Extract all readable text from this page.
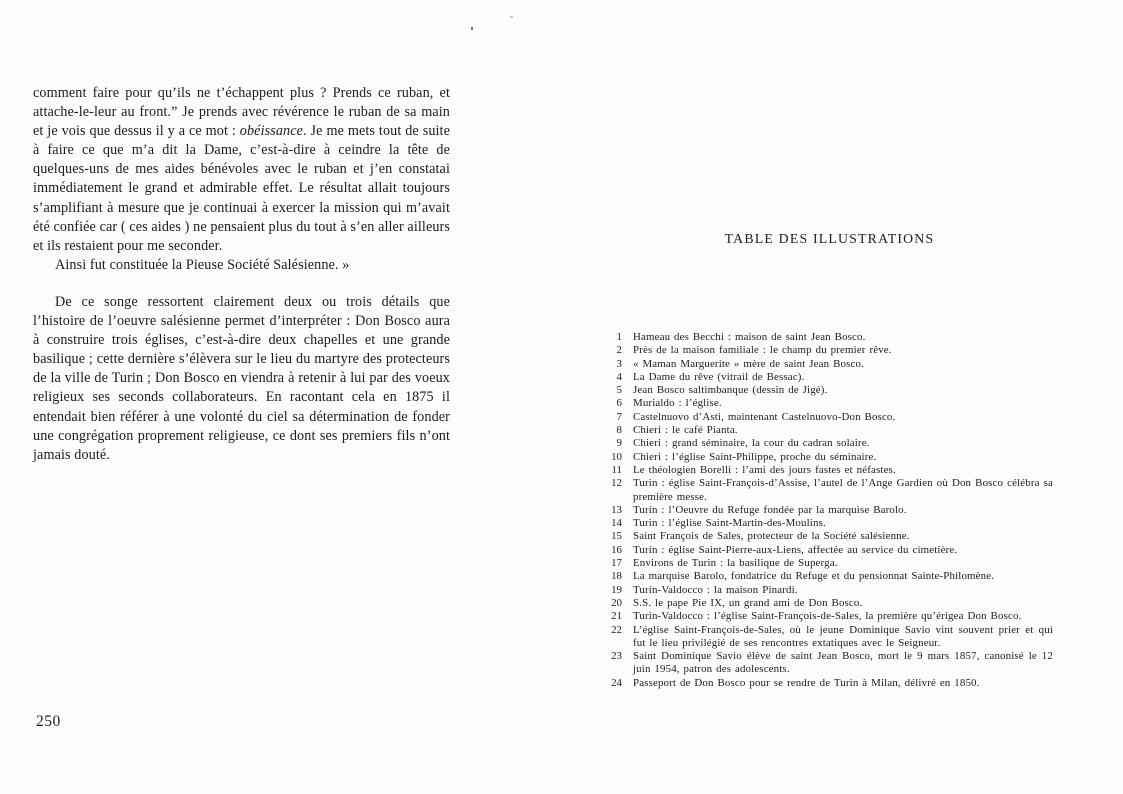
comment faire pour qu’ils ne t’échappent plus ? Prends ce ruban, et attache-le-leur au front.” Je prends avec révérence le ruban de sa main et je vois que dessus il y a ce mot : obéissance. Je me mets tout de suite à faire ce que m’a dit la Dame, c’est-à-dire à ceindre la tête de quelques-uns de mes aides bénévoles avec le ruban et j’en constatai immédiatement le grand et admirable effet. Le résultat allait toujours s’amplifiant à mesure que je continuai à exercer la mission qui m’avait été confiée car ( ces aides ) ne pensaient plus du tout à s’en aller ailleurs et ils restaient pour me seconder.

Ainsi fut constituée la Pieuse Société Salésienne. »

De ce songe ressortent clairement deux ou trois détails que l’histoire de l’oeuvre salésienne permet d’interpréter : Don Bosco aura à construire trois églises, c’est-à-dire deux chapelles et une grande basilique ; cette dernière s’élèvera sur le lieu du martyre des protecteurs de la ville de Turin ; Don Bosco en viendra à retenir à lui par des voeux religieux ses seconds collaborateurs. En racontant cela en 1875 il entendait bien référer à une volonté du ciel sa détermination de fonder une congrégation proprement religieuse, ce dont ses premiers fils n’ont jamais douté.

250
TABLE DES ILLUSTRATIONS
1 Hameau des Becchi : maison de saint Jean Bosco.
2 Près de la maison familiale : le champ du premier rêve.
3 « Maman Marguerite » mère de saint Jean Bosco.
4 La Dame du rêve (vitrail de Bessac).
5 Jean Bosco saltimbanque (dessin de Jigé).
6 Murialdo : l’église.
7 Castelnuovo d’Asti, maintenant Castelnuovo-Don Bosco.
8 Chieri : le café Pianta.
9 Chieri : grand séminaire, la cour du cadran solaire.
10 Chieri : l’église Saint-Philippe, proche du séminaire.
11 Le théologien Borelli : l’ami des jours fastes et néfastes.
12 Turin : église Saint-François-d’Assise, l’autel de l’Ange Gardien où Don Bosco célébra sa première messe.
13 Turin : l’Oeuvre du Refuge fondée par la marquise Barolo.
14 Turin : l’église Saint-Martin-des-Moulins.
15 Saint François de Sales, protecteur de la Société salésienne.
16 Turin : église Saint-Pierre-aux-Liens, affectée au service du cimetière.
17 Environs de Turin : la basilique de Superga.
18 La marquise Barolo, fondatrice du Refuge et du pensionnat Sainte-Philomène.
19 Turin-Valdocco : la maison Pinardi.
20 S.S. le pape Pie IX, un grand ami de Don Bosco.
21 Turin-Valdocco : l’église Saint-François-de-Sales, la première qu’érigea Don Bosco.
22 L’église Saint-François-de-Sales, où le jeune Dominique Savio vint souvent prier et qui fut le lieu privilégié de ses rencontres extatiques avec le Seigneur.
23 Saint Dominique Savio élève de saint Jean Bosco, mort le 9 mars 1857, canonisé le 12 juin 1954, patron des adolescents.
24 Passeport de Don Bosco pour se rendre de Turin à Milan, délivré en 1850.
